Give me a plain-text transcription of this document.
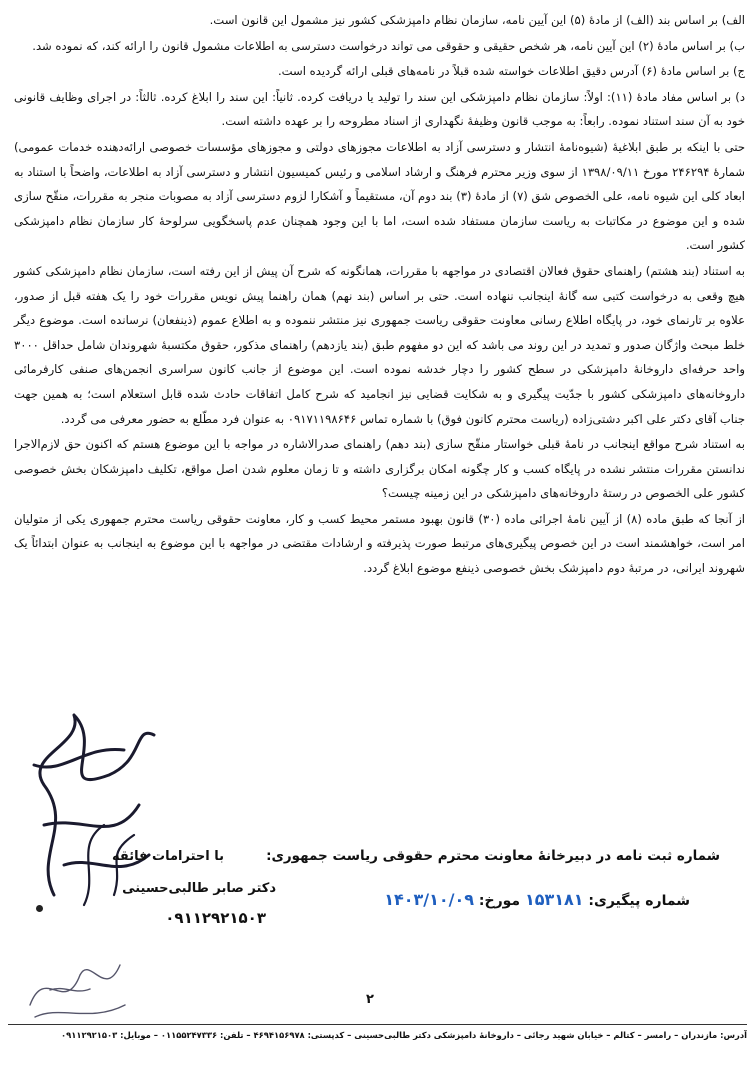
الف) بر اساس بند (الف) از مادهٔ (۵) این آیین نامه، سازمان نظام دامپزشکی کشور نیز مشمول این قانون است.

ب) بر اساس مادهٔ (۲) این آیین نامه، هر شخص حقیقی و حقوقی می تواند درخواست دسترسی به اطلاعات مشمول قانون را ارائه کند، که نموده شد.

ج) بر اساس مادهٔ (۶) آدرس دقیق اطلاعات خواسته شده قبلاً در نامه‌های قبلی ارائه گردیده است.

د) بر اساس مفاد مادهٔ (۱۱): اولاً: سازمان نظام دامپزشکی این سند را تولید یا دریافت کرده. ثانیاً: این سند را ابلاغ کرده. ثالثاً: در اجرای وظایف قانونی خود به آن سند استناد نموده. رابعاً: به موجب قانون وظیفهٔ نگهداری از اسناد مطروحه را بر عهده داشته است.

حتی با اینکه بر طبق ابلاغیهٔ (شیوه‌نامهٔ انتشار و دسترسی آزاد به اطلاعات مجوزهای دولتی و مجوزهای مؤسسات خصوصی ارائه‌دهنده خدمات عمومی) شمارهٔ ۲۴۶۲۹۴ مورخ ۱۳۹۸/۰۹/۱۱ از سوی وزیر محترم فرهنگ و ارشاد اسلامی و رئیس کمیسیون انتشار و دسترسی آزاد به اطلاعات، واضحاً با استناد به ابعاد کلی این شیوه نامه، علی الخصوص شق (۷) از مادهٔ (۳) بند دوم آن، مستقیماً و آشکارا لزوم دسترسی آزاد به مصوبات منجر به مقررات، منقّح سازی شده و این موضوع در مکاتبات به ریاست سازمان مستفاد شده است، اما با این وجود همچنان عدم پاسخگویی سرلوحهٔ کار سازمان نظام دامپزشکی کشور است.

به استناد (بند هشتم) راهنمای حقوق فعالان اقتصادی در مواجهه با مقررات، همانگونه که شرح آن پیش از این رفته است، سازمان نظام دامپزشکی کشور هیچ وقعی به درخواست کتبی سه گانهٔ اینجانب ننهاده است. حتی بر اساس (بند نهم) همان راهنما پیش نویس مقررات خود را یک هفته قبل از صدور، علاوه بر تارنمای خود، در پایگاه اطلاع رسانی معاونت حقوقی ریاست جمهوری نیز منتشر ننموده و به اطلاع عموم (ذینفعان) نرسانده است. موضوع دیگر خلط مبحث واژگان صدور و تمدید در این روند می باشد که این دو مفهوم طبق (بند یازدهم) راهنمای مذکور، حقوق مکتسبهٔ شهروندان شامل حداقل ۳۰۰۰ واحد حرفه‌ای داروخانهٔ دامپزشکی در سطح کشور را دچار خدشه نموده است. این موضوع از جانب کانون سراسری انجمن‌های صنفی کارفرمائی داروخانه‌های دامپزشکی کشور با جدّیت پیگیری و به شکایت قضایی نیز انجامید که شرح کامل اتفاقات حادث شده قابل استعلام است؛ به همین جهت جناب آقای دکتر علی اکبر دشتی‌زاده (ریاست محترم کانون فوق) با شماره تماس ۰۹۱۷۱۱۹۸۶۴۶ به عنوان فرد مطّلع به حضور معرفی می گردد.

به استناد شرح مواقع اینجانب در نامهٔ قبلی خواستار منقّح سازی (بند دهم) راهنمای صدرالاشاره در مواجه با این موضوع هستم که اکنون حق لازم‌الاجرا ندانستن مقررات منتشر نشده در پایگاه کسب و کار چگونه امکان برگزاری داشته و تا زمان معلوم شدن اصل مواقع، تکلیف دامپزشکان بخش خصوصی کشور علی الخصوص در رستهٔ داروخانه‌های دامپزشکی در این زمینه چیست؟

از آنجا که طبق ماده (۸) از آیین نامهٔ اجرائی ماده (۳۰) قانون بهبود مستمر محیط کسب و کار، معاونت حقوقی ریاست محترم جمهوری یکی از متولیان امر است، خواهشمند است در این خصوص پیگیری‌های مرتبط صورت پذیرفته و ارشادات مقتضی در مواجهه با این موضوع به اینجانب به عنوان ابتدائاً یک شهروند ایرانی، در مرتبهٔ دوم دامپزشک بخش خصوصی ذینفع موضوع ابلاغ گردد.

با احترامات فائقه
دکتر صابر طالبی‌حسینی
۰۹۱۱۲۹۲۱۵۰۳
شماره ثبت نامه در دبیرخانهٔ معاونت محترم حقوقی ریاست جمهوری:
شماره پیگیری: ۱۵۳۱۸۱ مورخ: ۱۴۰۳/۱۰/۰۹
۲
آدرس: مازندران – رامسر – کتالم – خیابان شهید رجائی – داروخانهٔ دامپزشکی دکتر طالبی‌حسینی – کدپستی: ۴۶۹۴۱۵۶۹۷۸ – تلفن: ۰۱۱۵۵۲۴۷۳۳۶ – موبایل: ۰۹۱۱۲۹۲۱۵۰۳
